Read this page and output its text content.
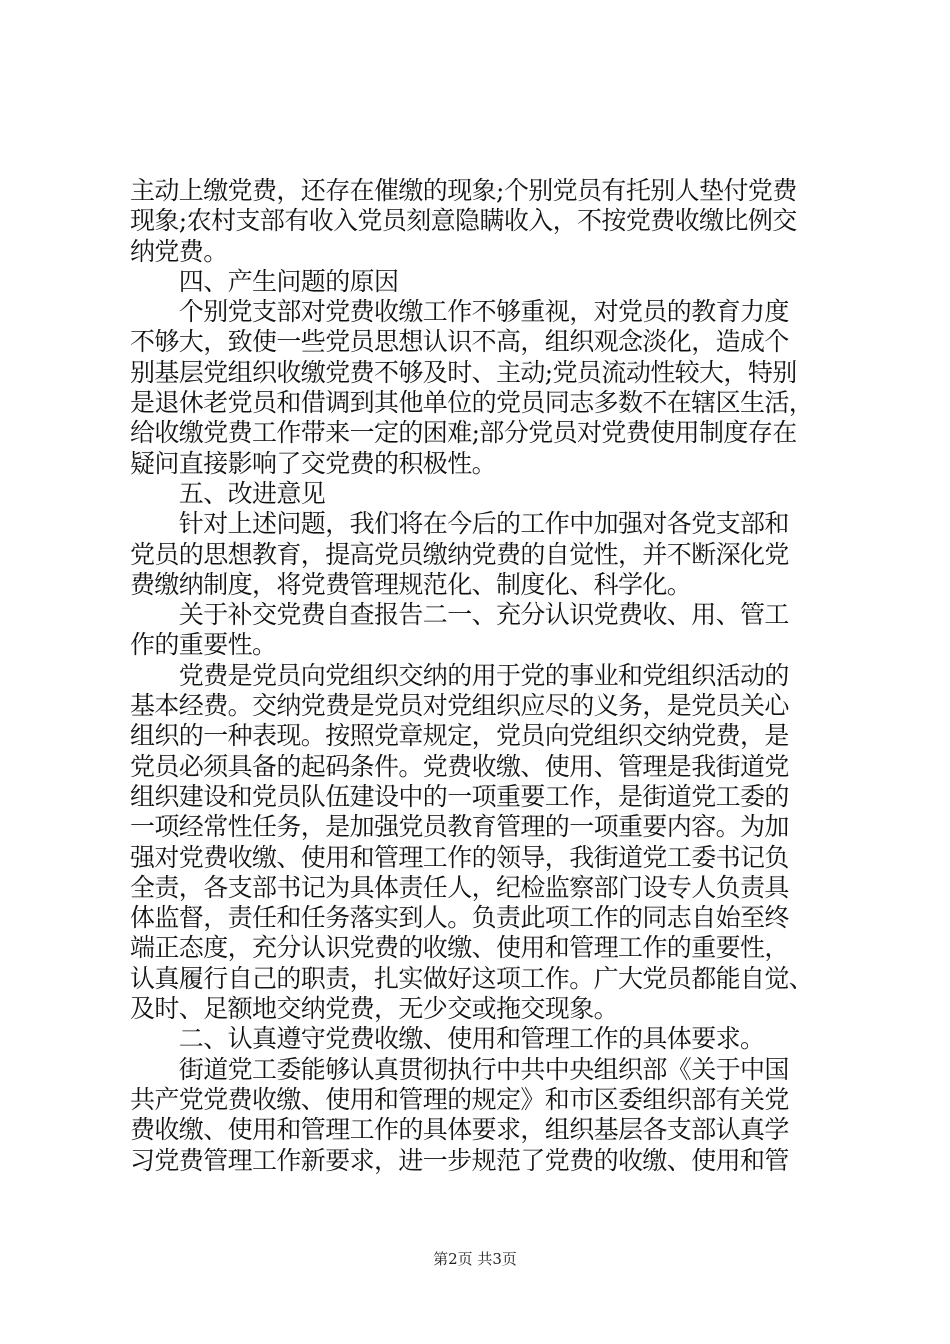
主动上缴党费，还存在催缴的现象;个别党员有托别人垫付党费
现象;农村支部有收入党员刻意隐瞒收入，不按党费收缴比例交
纳党费。
　　四、产生问题的原因
　　个别党支部对党费收缴工作不够重视，对党员的教育力度
不够大，致使一些党员思想认识不高，组织观念淡化，造成个
别基层党组织收缴党费不够及时、主动;党员流动性较大，特别
是退休老党员和借调到其他单位的党员同志多数不在辖区生活，
给收缴党费工作带来一定的困难;部分党员对党费使用制度存在
疑问直接影响了交党费的积极性。
　　五、改进意见
　　针对上述问题，我们将在今后的工作中加强对各党支部和
党员的思想教育，提高党员缴纳党费的自觉性，并不断深化党
费缴纳制度，将党费管理规范化、制度化、科学化。
　　关于补交党费自查报告二一、充分认识党费收、用、管工
作的重要性。
　　党费是党员向党组织交纳的用于党的事业和党组织活动的
基本经费。交纳党费是党员对党组织应尽的义务，是党员关心
组织的一种表现。按照党章规定，党员向党组织交纳党费，是
党员必须具备的起码条件。党费收缴、使用、管理是我街道党
组织建设和党员队伍建设中的一项重要工作，是街道党工委的
一项经常性任务，是加强党员教育管理的一项重要内容。为加
强对党费收缴、使用和管理工作的领导，我街道党工委书记负
全责，各支部书记为具体责任人，纪检监察部门设专人负责具
体监督，责任和任务落实到人。负责此项工作的同志自始至终
端正态度，充分认识党费的收缴、使用和管理工作的重要性，
认真履行自己的职责，扎实做好这项工作。广大党员都能自觉、
及时、足额地交纳党费，无少交或拖交现象。
　　二、认真遵守党费收缴、使用和管理工作的具体要求。
　　街道党工委能够认真贯彻执行中共中央组织部《关于中国
共产党党费收缴、使用和管理的规定》和市区委组织部有关党
费收缴、使用和管理工作的具体要求，组织基层各支部认真学
习党费管理工作新要求，进一步规范了党费的收缴、使用和管
第2页 共3页
